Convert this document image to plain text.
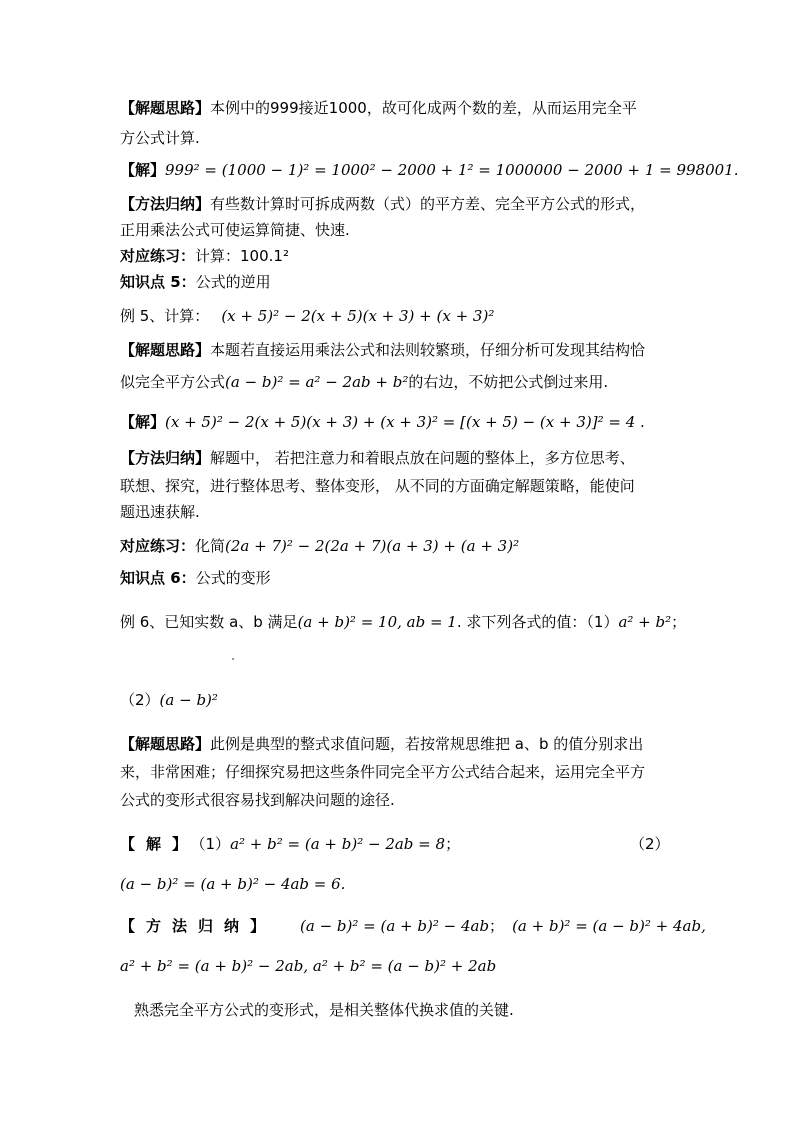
【解题思路】本例中的999接近1000，故可化成两个数的差，从而运用完全平
方公式计算.
【解】999² = (1000 − 1)² = 1000² − 2000 + 1² = 1000000 − 2000 + 1 = 998001.
【方法归纳】有些数计算时可拆成两数（式）的平方差、完全平方公式的形式，
正用乘法公式可使运算简捷、快速.
对应练习：计算：100.1²
知识点 5：公式的逆用
例 5、计算： (x + 5)² − 2(x + 5)(x + 3) + (x + 3)²
【解题思路】本题若直接运用乘法公式和法则较繁琐，仔细分析可发现其结构恰
似完全平方公式(a − b)² = a² − 2ab + b²的右边，不妨把公式倒过来用.
【解】(x + 5)² − 2(x + 5)(x + 3) + (x + 3)² = [(x + 5) − (x + 3)]² = 4 .
【方法归纳】解题中， 若把注意力和着眼点放在问题的整体上，多方位思考、
联想、探究，进行整体思考、整体变形， 从不同的方面确定解题策略，能使问
题迅速获解.
对应练习：化简(2a + 7)² − 2(2a + 7)(a + 3) + (a + 3)²
知识点 6：公式的变形
例 6、已知实数 a、b 满足(a + b)² = 10, ab = 1. 求下列各式的值：（1）a² + b²；
（2）(a − b)²
【解题思路】此例是典型的整式求值问题，若按常规思维把 a、b 的值分别求出
来，非常困难；仔细探究易把这些条件同完全平方公式结合起来，运用完全平方
公式的变形式很容易找到解决问题的途径.
【解】（1）a² + b² = (a + b)² − 2ab = 8；	（2）
(a − b)² = (a + b)² − 4ab = 6.
【方法归纳】 (a − b)² = (a + b)² − 4ab； (a + b)² = (a − b)² + 4ab,
a² + b² = (a + b)² − 2ab, a² + b² = (a − b)² + 2ab
熟悉完全平方公式的变形式，是相关整体代换求值的关键.
